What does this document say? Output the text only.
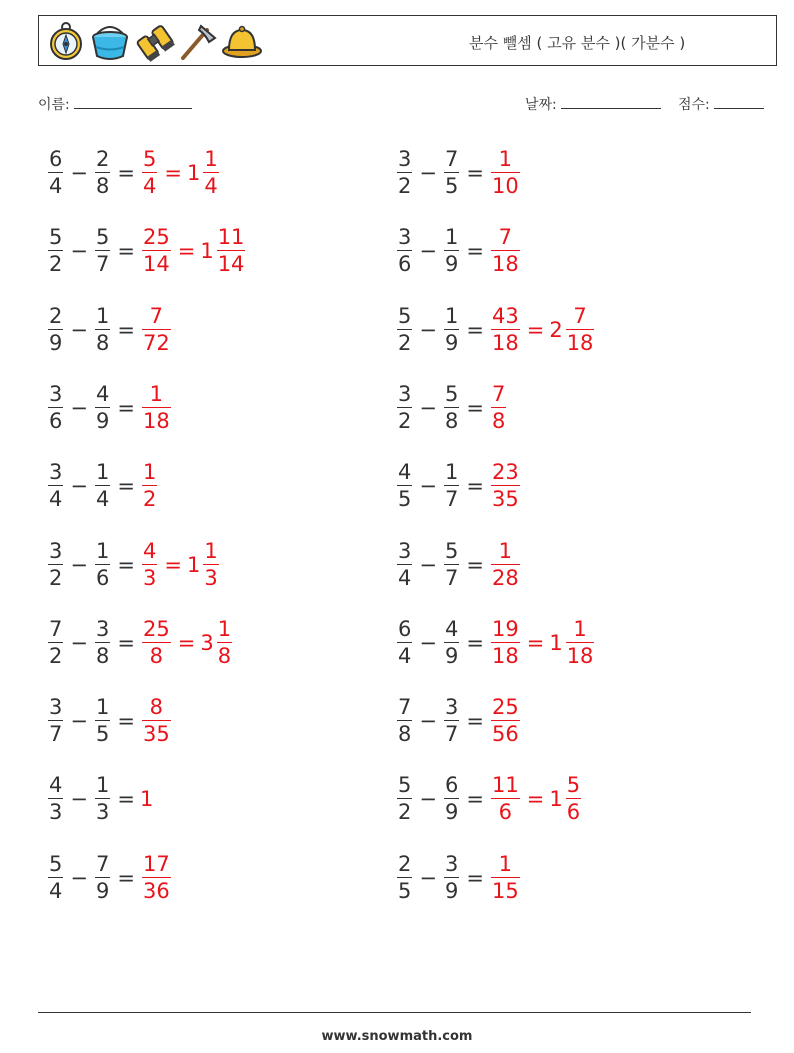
분수 뺄셈 ( 고유 분수 )( 가분수 )
이름:	날짜:	점수:
$\frac{6}{4} - \frac{2}{8} = \frac{5}{4} = 1 \frac{1}{4}$	$\frac{3}{2} - \frac{7}{5} = \frac{1}{10}$
$\frac{5}{2} - \frac{5}{7} = \frac{25}{14} = 1 \frac{11}{14}$	$\frac{3}{6} - \frac{1}{9} = \frac{7}{18}$
$\frac{2}{9} - \frac{1}{8} = \frac{7}{72}$	$\frac{5}{2} - \frac{1}{9} = \frac{43}{18} = 2 \frac{7}{18}$
$\frac{3}{6} - \frac{4}{9} = \frac{1}{18}$	$\frac{3}{2} - \frac{5}{8} = \frac{7}{8}$
$\frac{3}{4} - \frac{1}{4} = \frac{1}{2}$	$\frac{4}{5} - \frac{1}{7} = \frac{23}{35}$
$\frac{3}{2} - \frac{1}{6} = \frac{4}{3} = 1 \frac{1}{3}$	$\frac{3}{4} - \frac{5}{7} = \frac{1}{28}$
$\frac{7}{2} - \frac{3}{8} = \frac{25}{8} = 3 \frac{1}{8}$	$\frac{6}{4} - \frac{4}{9} = \frac{19}{18} = 1 \frac{1}{18}$
$\frac{3}{7} - \frac{1}{5} = \frac{8}{35}$	$\frac{7}{8} - \frac{3}{7} = \frac{25}{56}$
$\frac{4}{3} - \frac{1}{3} = 1$	$\frac{5}{2} - \frac{6}{9} = \frac{11}{6} = 1 \frac{5}{6}$
$\frac{5}{4} - \frac{7}{9} = \frac{17}{36}$	$\frac{2}{5} - \frac{3}{9} = \frac{1}{15}$
www.snowmath.com
